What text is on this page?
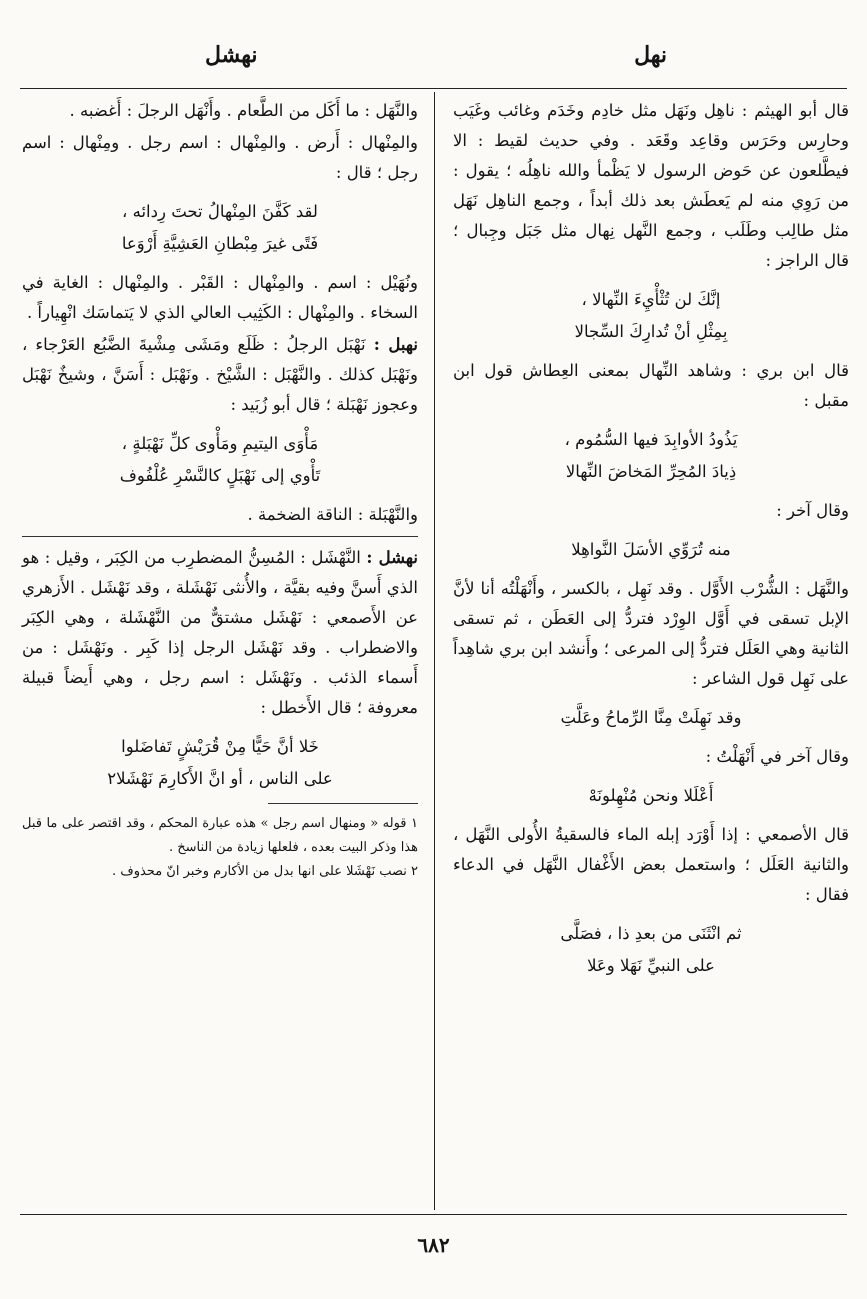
نهل
نهشل

قال أبو الهيثم : ناهِل ونَهَل مثل خادِم وخَدَم وغائب وغَيَب وحارِس وحَرَس وقاعِد وقَعَد . وفي حديث لقيط : الا فيطَّلعون عن حَوض الرسول لا يَظْمأ والله ناهِلُه ؛ يقول : من رَوِي منه لم يَعطَش بعد ذلك أبداً ، وجمع الناهِل نَهَل مثل طالِب وطَلَب ، وجمع النَّهل نِهال مثل جَبَل وجِبال ؛ قال الراجز :

إنَّكَ لن تُثْأْيِءَ النِّهالا ،
بِمِثْلِ أنْ تُدارِكَ السِّجالا

قال ابن بري : وشاهد النِّهال بمعنى العِطاش قول ابن مقبل :

يَذُودُ الأوابِدَ فيها السُّمُوم ،
ذِيادَ المُحِرِّ المَخاضَ النِّهالا

وقال آخر :

منه تُرَوِّي الأسَلَ النَّواهِلا

والنَّهَل : الشُّرْب الأَوَّل . وقد نَهِل ، بالكسر ، وأَنْهَلْتُه أنا لأنَّ الإبل تسقى في أَوَّل الوِرْد فتردُّ إلى العَطَن ، ثم تسقى الثانية وهي العَلَل فتردُّ إلى المرعى ؛ وأَنشد ابن بري شاهِداً على نَهِل قول الشاعر :

وقد نَهِلَتْ مِنَّا الرِّماحُ وعَلَّتِ

وقال آخر في أَنْهَلْتُ :

أَعْلَلا ونحن مُنْهِلونَهْ

قال الأصمعي : إذا أَوْرَد إبله الماء فالسقيةُ الأُولى النَّهَل ، والثانية العَلَل ؛ واستعمل بعض الأَغْفال النَّهَل في الدعاء فقال :

ثم انْثَنَى من بعدِ ذا ، فصَلَّى
على النبيِّ نَهَلا وعَلا

والنَّهَل : ما أَكَل من الطَّعام . وأَنْهَل الرجلَ : أَغضبه .

والمِنْهال : أَرض . والمِنْهال : اسم رجل . ومِنْهال : اسم رجل ؛ قال :

لقد كَفَّنَ المِنْهالُ تحتَ رِدائه ،
فَتًى غيرَ مِبْطانِ العَشِيَّةِ أَرْوَعا

ونُهَيْل : اسم . والمِنْهال : القَبْر . والمِنْهال : الغاية في السخاء . والمِنْهال : الكَثِيب العالي الذي لا يَتماسَك انْهِياراً .

نهبل : نَهْبَل الرجلُ : ظَلَع ومَشَى مِشْيةَ الضَّبُع العَرْجاء ، ونَهْبَل كذلك . والنَّهْبَل : الشَّيْخ . ونَهْبَل : أَسَنَّ ، وشيخٌ نَهْبَل وعجوز نَهْبَلة ؛ قال أبو زُبَيد :

مَأْوَى اليتيمِ ومَأْوى كلِّ نَهْبَلةٍ ،
تَأْوي إلى نَهْبَلٍ كالنَّسْرِ عُلْفُوف

والنَّهْبَلة : الناقة الضخمة .

نهشل : النَّهْشَل : المُسِنُّ المضطرِب من الكِبَر ، وقيل : هو الذي أَسنَّ وفيه بقيَّة ، والأُنثى نَهْشَلة ، وقد نَهْشَل . الأَزهري عن الأَصمعي : نَهْشَل مشتقٌّ من النَّهْشَلة ، وهي الكِبَر والاضطراب . وقد نَهْشَل الرجل إذا كَبِر . ونَهْشَل : من أَسماء الذئب . ونَهْشَل : اسم رجل ، وهي أَيضاً قبيلة معروفة ؛ قال الأَخطل :

خَلا أنَّ حَيًّا مِنْ قُرَيْشٍ تَفاضَلوا
على الناس ، أو انَّ الأَكارِمَ نَهْشَلا٢
١ قوله « ومنهال اسم رجل » هذه عبارة المحكم ، وقد اقتصر على ما قبل هذا وذكر البيت بعده ، فلعلها زيادة من الناسخ .
٢ نصب نَهْشَلا على انها بدل من الأكارم وخبر انّ محذوف .
٦٨٢
